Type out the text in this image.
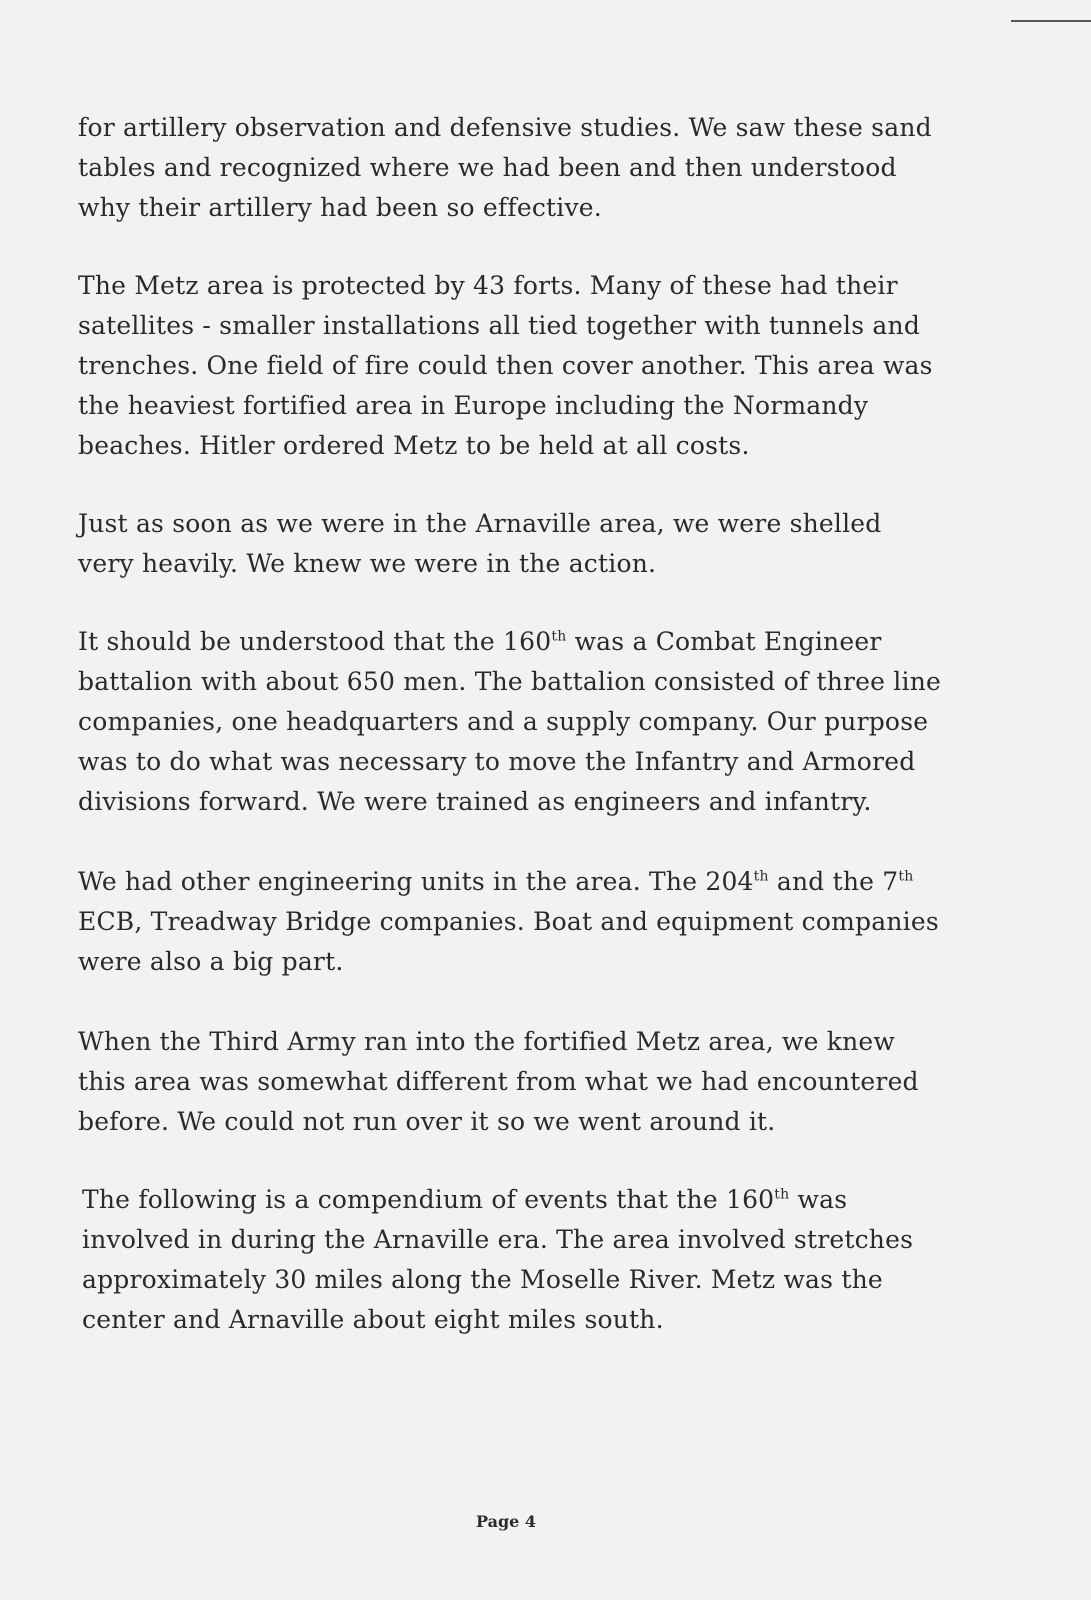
for artillery observation and defensive studies. We saw these sand
tables and recognized where we had been and then understood
why their artillery had been so effective.
The Metz area is protected by 43 forts. Many of these had their
satellites - smaller installations all tied together with tunnels and
trenches. One field of fire could then cover another. This area was
the heaviest fortified area in Europe including the Normandy
beaches. Hitler ordered Metz to be held at all costs.
Just as soon as we were in the Arnaville area, we were shelled
very heavily. We knew we were in the action.
It should be understood that the 160th was a Combat Engineer
battalion with about 650 men. The battalion consisted of three line
companies, one headquarters and a supply company. Our purpose
was to do what was necessary to move the Infantry and Armored
divisions forward. We were trained as engineers and infantry.
We had other engineering units in the area. The 204th and the 7th
ECB, Treadway Bridge companies. Boat and equipment companies
were also a big part.
When the Third Army ran into the fortified Metz area, we knew
this area was somewhat different from what we had encountered
before. We could not run over it so we went around it.
The following is a compendium of events that the 160th was
involved in during the Arnaville era. The area involved stretches
approximately 30 miles along the Moselle River. Metz was the
center and Arnaville about eight miles south.
Page 4
